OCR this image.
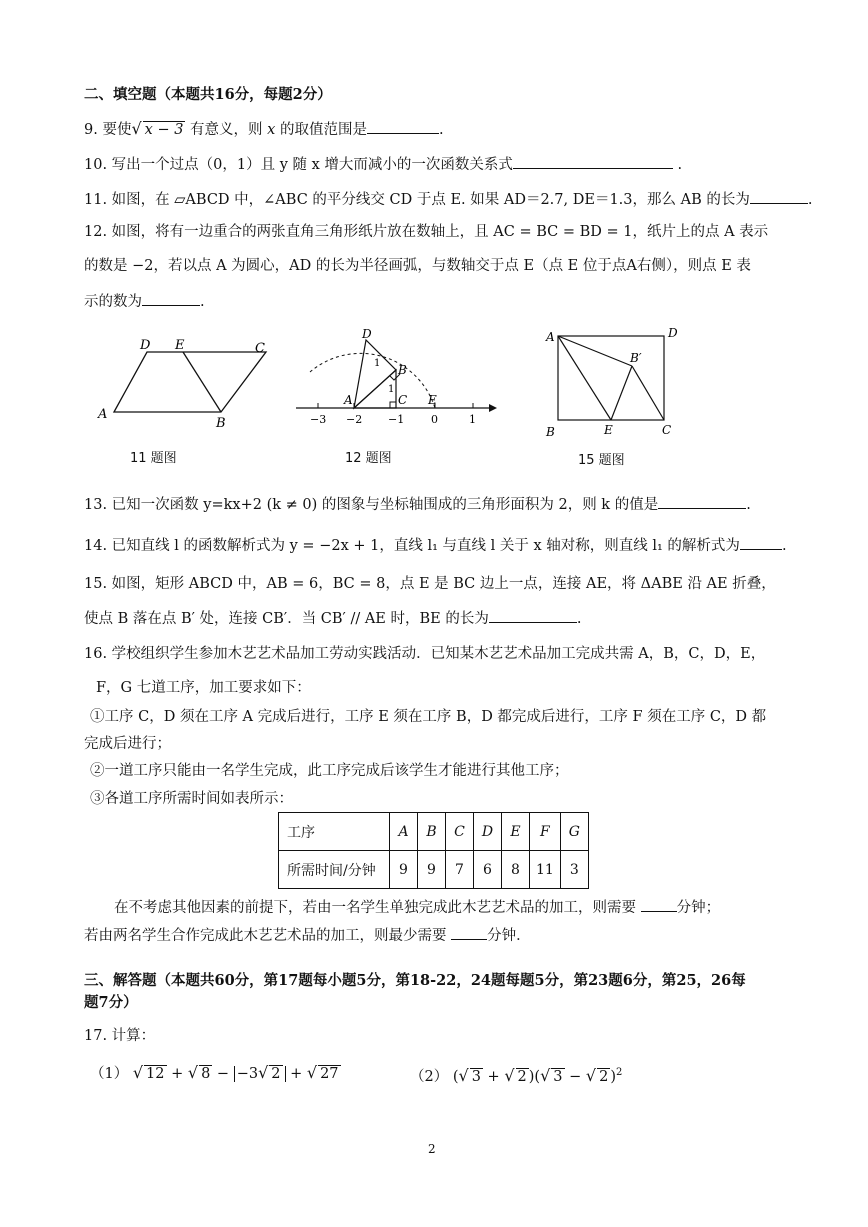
二、填空题（本题共16分，每题2分）
9. 要使√ x − 3 有意义，则 x 的取值范围是	.
10. 写出一个过点（0，1）且 y 随 x 增大而减小的一次函数关系式	.
11. 如图，在 ▱ABCD 中，∠ABC 的平分线交 CD 于点 E. 如果 AD＝2.7, DE＝1.3，那么 AB 的长为	.
12. 如图，将有一边重合的两张直角三角形纸片放在数轴上，且 AC = BC = BD = 1，纸片上的点 A 表示
的数是 −2，若以点 A 为圆心，AD 的长为半径画弧，与数轴交于点 E（点 E 位于点A右侧），则点 E 表
示的数为	.
A
B
C
D E
11 题图
D
B
A	C E
1
1
−3 −2 −1 0	1
12 题图
A	D
B′
B	E	C
15 题图
13. 已知一次函数 y=kx+2 (k ≠ 0) 的图象与坐标轴围成的三角形面积为 2，则 k 的值是	.
14. 已知直线 l 的函数解析式为 y = −2x + 1，直线 l₁ 与直线 l 关于 x 轴对称，则直线 l₁ 的解析式为	.
15. 如图，矩形 ABCD 中，AB = 6，BC = 8，点 E 是 BC 边上一点，连接 AE，将 ΔABE 沿 AE 折叠，
使点 B 落在点 B′ 处，连接 CB′．当 CB′ // AE 时，BE 的长为	.
16. 学校组织学生参加木艺艺术品加工劳动实践活动．已知某木艺艺术品加工完成共需 A，B，C，D，E，
F，G 七道工序，加工要求如下：
①工序 C，D 须在工序 A 完成后进行，工序 E 须在工序 B，D 都完成后进行，工序 F 须在工序 C，D 都
完成后进行；
②一道工序只能由一名学生完成，此工序完成后该学生才能进行其他工序；
③各道工序所需时间如表所示：
工序	A	B	C	D	E	F	G
所需时间/分钟	9	9	7	6	8	11	3
在不考虑其他因素的前提下，若由一名学生单独完成此木艺艺术品的加工，则需要	分钟；
若由两名学生合作完成此木艺艺术品的加工，则最少需要	分钟．
三、解答题（本题共60分，第17题每小题5分，第18-22，24题每题5分，第23题6分，第25，26每
题7分）
17. 计算：
（1） √ 12 + √ 8 − −3√ 2 + √ 27	（2） (√ 3 + √ 2 )(√ 3 − √ 2 )$^2$
2
